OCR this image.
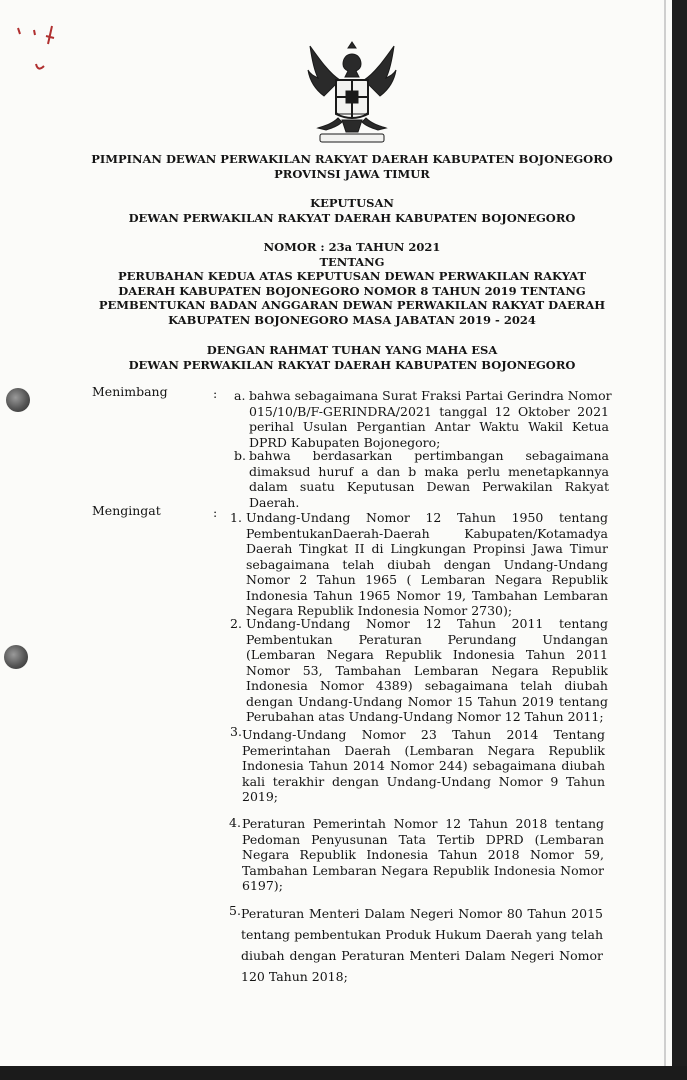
PIMPINAN DEWAN PERWAKILAN RAKYAT DAERAH KABUPATEN BOJONEGORO
PROVINSI JAWA TIMUR
KEPUTUSAN
DEWAN PERWAKILAN RAKYAT DAERAH KABUPATEN BOJONEGORO
NOMOR : 23a TAHUN 2021
TENTANG
PERUBAHAN KEDUA ATAS KEPUTUSAN DEWAN PERWAKILAN RAKYAT
DAERAH KABUPATEN BOJONEGORO NOMOR 8 TAHUN 2019 TENTANG
PEMBENTUKAN BADAN ANGGARAN DEWAN PERWAKILAN RAKYAT DAERAH
KABUPATEN BOJONEGORO MASA JABATAN 2019 - 2024
DENGAN RAHMAT TUHAN YANG MAHA ESA
DEWAN PERWAKILAN RAKYAT DAERAH KABUPATEN BOJONEGORO
Menimbang	: a. bahwa sebagaimana Surat Fraksi Partai Gerindra Nomor
015/10/B/F-GERINDRA/2021 tanggal 12 Oktober 2021
perihal Usulan Pergantian Antar Waktu Wakil Ketua
DPRD Kabupaten Bojonegoro;
b. bahwa berdasarkan pertimbangan sebagaimana
dimaksud huruf a dan b maka perlu menetapkannya
dalam suatu Keputusan Dewan Perwakilan Rakyat
Daerah.
Mengingat	: 1. Undang-Undang Nomor 12 Tahun 1950 tentang
PembentukanDaerah-Daerah Kabupaten/Kotamadya
Daerah Tingkat II di Lingkungan Propinsi Jawa Timur
sebagaimana telah diubah dengan Undang-Undang
Nomor 2 Tahun 1965 ( Lembaran Negara Republik
Indonesia Tahun 1965 Nomor 19, Tambahan Lembaran
Negara Republik Indonesia Nomor 2730);
2. Undang-Undang Nomor 12 Tahun 2011 tentang
Pembentukan Peraturan Perundang Undangan
(Lembaran Negara Republik Indonesia Tahun 2011
Nomor 53, Tambahan Lembaran Negara Republik
Indonesia Nomor 4389) sebagaimana telah diubah
dengan Undang-Undang Nomor 15 Tahun 2019 tentang
Perubahan atas Undang-Undang Nomor 12 Tahun 2011;
3. Undang-Undang Nomor 23 Tahun 2014 Tentang
Pemerintahan Daerah (Lembaran Negara Republik
Indonesia Tahun 2014 Nomor 244) sebagaimana diubah
kali terakhir dengan Undang-Undang Nomor 9 Tahun
2019;
4. Peraturan Pemerintah Nomor 12 Tahun 2018 tentang
Pedoman Penyusunan Tata Tertib DPRD (Lembaran
Negara Republik Indonesia Tahun 2018 Nomor 59,
Tambahan Lembaran Negara Republik Indonesia Nomor
6197);
5. Peraturan Menteri Dalam Negeri Nomor 80 Tahun 2015
tentang pembentukan Produk Hukum Daerah yang telah
diubah dengan Peraturan Menteri Dalam Negeri Nomor
120 Tahun 2018;
